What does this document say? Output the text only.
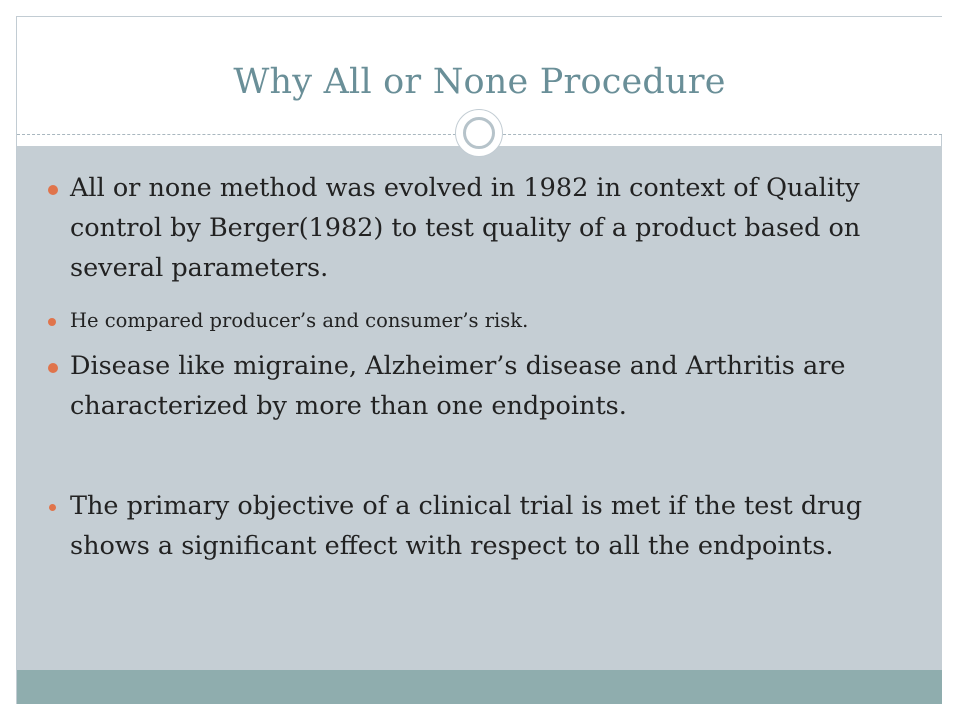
Why All or None Procedure

All or none method was evolved in 1982 in context of Quality control by Berger(1982) to test quality of a product based on several parameters.

He compared producer’s and consumer’s risk.

Disease like migraine, Alzheimer’s disease and Arthritis are characterized by more than one endpoints.

The primary objective of a clinical trial is met if the test drug shows a significant effect with respect to all the endpoints.
